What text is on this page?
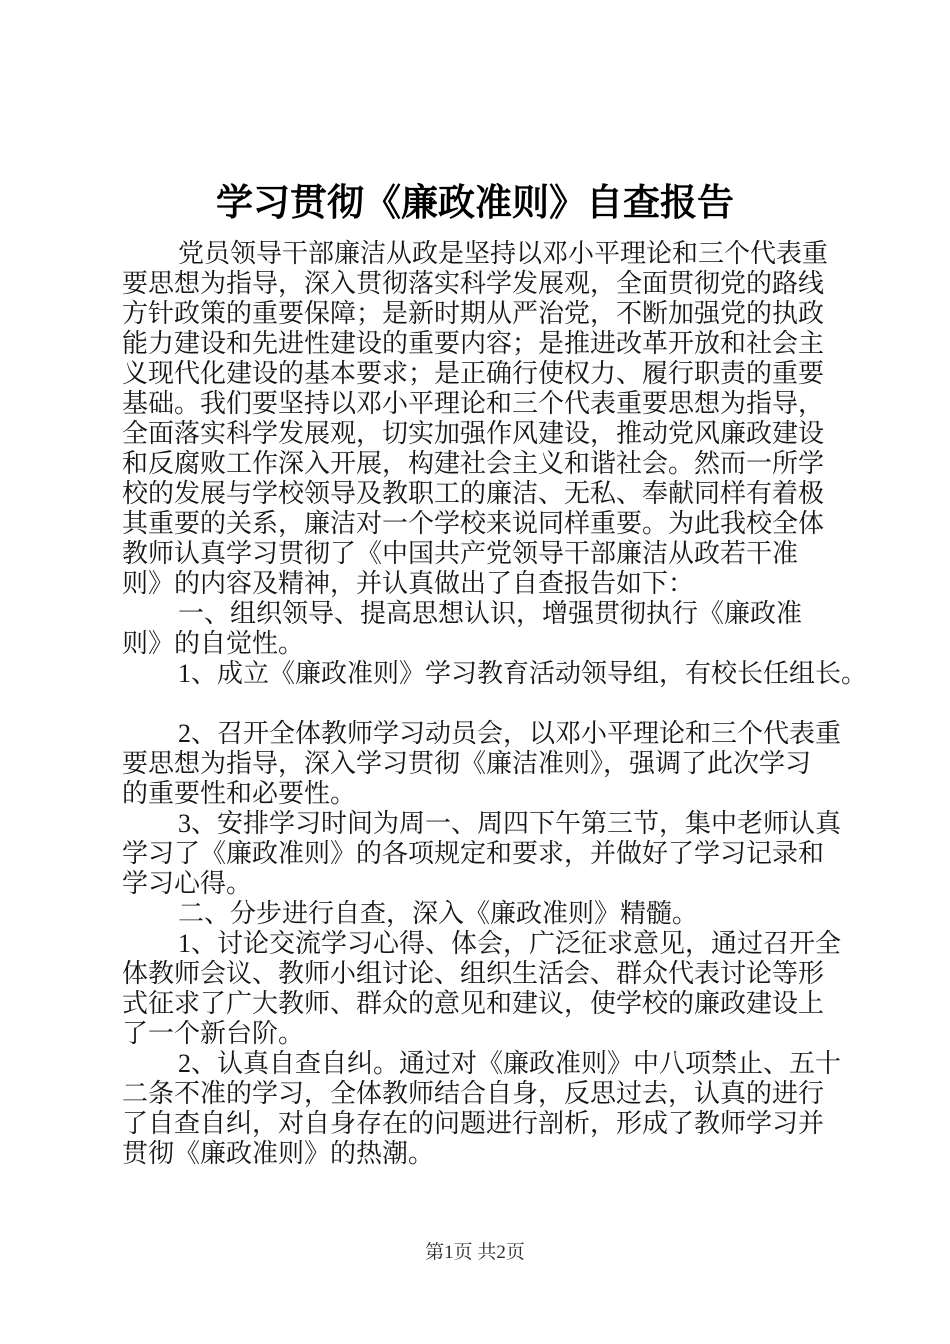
学习贯彻《廉政准则》自查报告
党员领导干部廉洁从政是坚持以邓小平理论和三个代表重
要思想为指导，深入贯彻落实科学发展观，全面贯彻党的路线
方针政策的重要保障；是新时期从严治党，不断加强党的执政
能力建设和先进性建设的重要内容；是推进改革开放和社会主
义现代化建设的基本要求；是正确行使权力、履行职责的重要
基础。我们要坚持以邓小平理论和三个代表重要思想为指导，
全面落实科学发展观，切实加强作风建设，推动党风廉政建设
和反腐败工作深入开展，构建社会主义和谐社会。然而一所学
校的发展与学校领导及教职工的廉洁、无私、奉献同样有着极
其重要的关系，廉洁对一个学校来说同样重要。为此我校全体
教师认真学习贯彻了《中国共产党领导干部廉洁从政若干准
则》的内容及精神，并认真做出了自查报告如下：
一、组织领导、提高思想认识，增强贯彻执行《廉政准
则》的自觉性。
1、成立《廉政准则》学习教育活动领导组，有校长任组长。
2、召开全体教师学习动员会，以邓小平理论和三个代表重
要思想为指导，深入学习贯彻《廉洁准则》，强调了此次学习
的重要性和必要性。
3、安排学习时间为周一、周四下午第三节，集中老师认真
学习了《廉政准则》的各项规定和要求，并做好了学习记录和
学习心得。
二、分步进行自查，深入《廉政准则》精髓。
1、讨论交流学习心得、体会，广泛征求意见，通过召开全
体教师会议、教师小组讨论、组织生活会、群众代表讨论等形
式征求了广大教师、群众的意见和建议，使学校的廉政建设上
了一个新台阶。
2、认真自查自纠。通过对《廉政准则》中八项禁止、五十
二条不准的学习，全体教师结合自身，反思过去，认真的进行
了自查自纠，对自身存在的问题进行剖析，形成了教师学习并
贯彻《廉政准则》的热潮。
第1页 共2页
